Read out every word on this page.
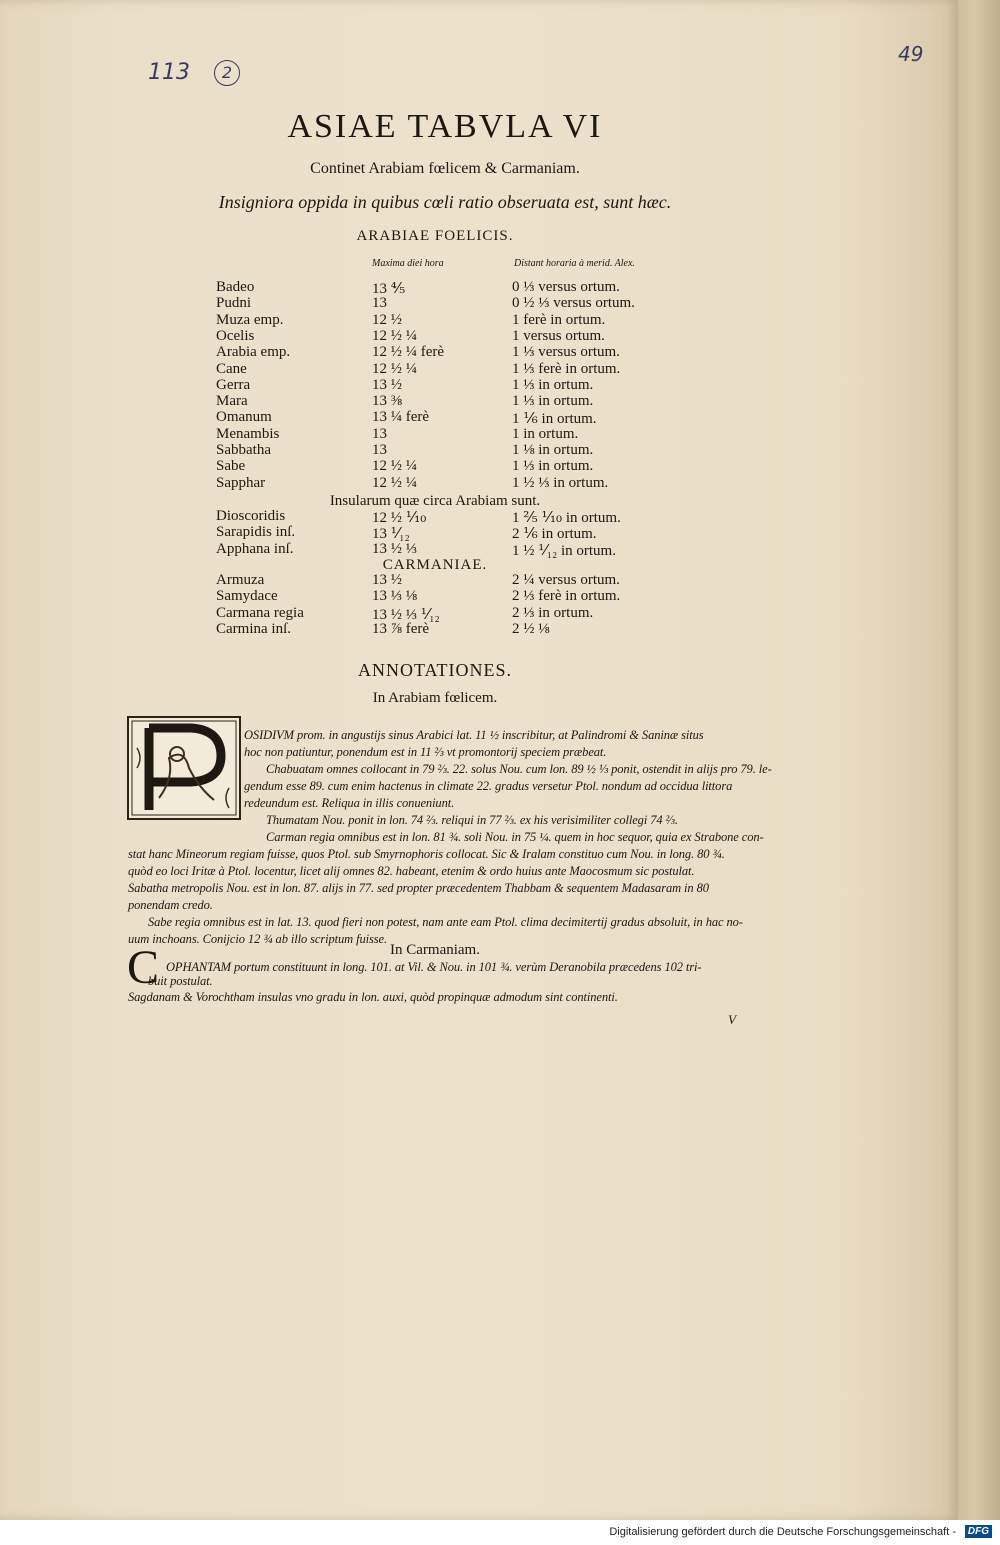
113	2
49
ASIAE TABVLA VI
Continet Arabiam fœlicem & Carmaniam.
Insigniora oppida in quibus cœli ratio obseruata est, sunt hæc.
ARABIAE FOELICIS.
Maxima diei hora	Distant horaria à merid. Alex.
Badeo	13 ⅘	0 ⅓ versus ortum.
Pudni	13	0 ½ ⅓ versus ortum.
Muza emp.	12 ½	1 ferè in ortum.
Ocelis	12 ½ ¼	1 versus ortum.
Arabia emp.	12 ½ ¼ ferè	1 ⅓ versus ortum.
Cane	12 ½ ¼	1 ⅓ ferè in ortum.
Gerra	13 ½	1 ⅓ in ortum.
Mara	13 ⅜	1 ⅓ in ortum.
Omanum	13 ¼ ferè	1 ⅙ in ortum.
Menambis	13	1 in ortum.
Sabbatha	13	1 ⅛ in ortum.
Sabe	12 ½ ¼	1 ⅓ in ortum.
Sapphar	12 ½ ¼	1 ½ ⅓ in ortum.
Insularum quæ circa Arabiam sunt.
Dioscoridis	12 ½ ⅒	1 ⅖ ⅒ in ortum.
Sarapidis inſ.	13 ⅟₁₂	2 ⅙ in ortum.
Apphana inſ.	13 ½ ⅓	1 ½ ⅟₁₂ in ortum.
CARMANIAE.
Armuza	13 ½	2 ¼ versus ortum.
Samydace	13 ⅓ ⅛	2 ⅓ ferè in ortum.
Carmana regia	13 ½ ⅓ ⅟₁₂	2 ⅓ in ortum.
Carmina inſ.	13 ⅞ ferè	2 ½ ⅛
ANNOTATIONES.
In Arabiam fœlicem.
OSIDIVM prom. in angustijs sinus Arabici lat. 11 ½ inscribitur, at Palindromi & Saninæ situs
hoc non patiuntur, ponendum est in 11 ⅔ vt promontorij speciem præbeat.
Chabuatam omnes collocant in 79 ⅔. 22. solus Nou. cum lon. 89 ½ ⅓ ponit, ostendit in alijs pro 79. le-
gendum esse 89. cum enim hactenus in climate 22. gradus versetur Ptol. nondum ad occidua littora
redeundum est. Reliqua in illis conueniunt.
Thumatam Nou. ponit in lon. 74 ⅔. reliqui in 77 ⅔. ex his verisimiliter collegi 74 ⅔.
Carman regia omnibus est in lon. 81 ¾. soli Nou. in 75 ¼. quem in hoc sequor, quia ex Strabone con-
stat hanc Mineorum regiam fuisse, quos Ptol. sub Smyrnophoris collocat. Sic & Iralam constituo cum Nou. in long. 80 ¾.
quòd eo loci Iritæ à Ptol. locentur, licet alij omnes 82. habeant, etenim & ordo huius ante Maocosmum sic postulat.
Sabatha metropolis Nou. est in lon. 87. alijs in 77. sed propter præcedentem Thabbam & sequentem Madasaram in 80
ponendam credo.
Sabe regia omnibus est in lat. 13. quod fieri non potest, nam ante eam Ptol. clima decimitertij gradus absoluit, in hac no-
uum inchoans. Conijcio 12 ¾ ab illo scriptum fuisse.
In Carmaniam.
C OPHANTAM portum constituunt in long. 101. at Vil. & Nou. in 101 ¾. verùm Deranobila præcedens 102 tri-
buit postulat.
Sagdanam & Vorochtham insulas vno gradu in lon. auxi, quòd propinquæ admodum sint continenti.
V
Digitalisierung gefördert durch die Deutsche Forschungsgemeinschaft -	DFG
